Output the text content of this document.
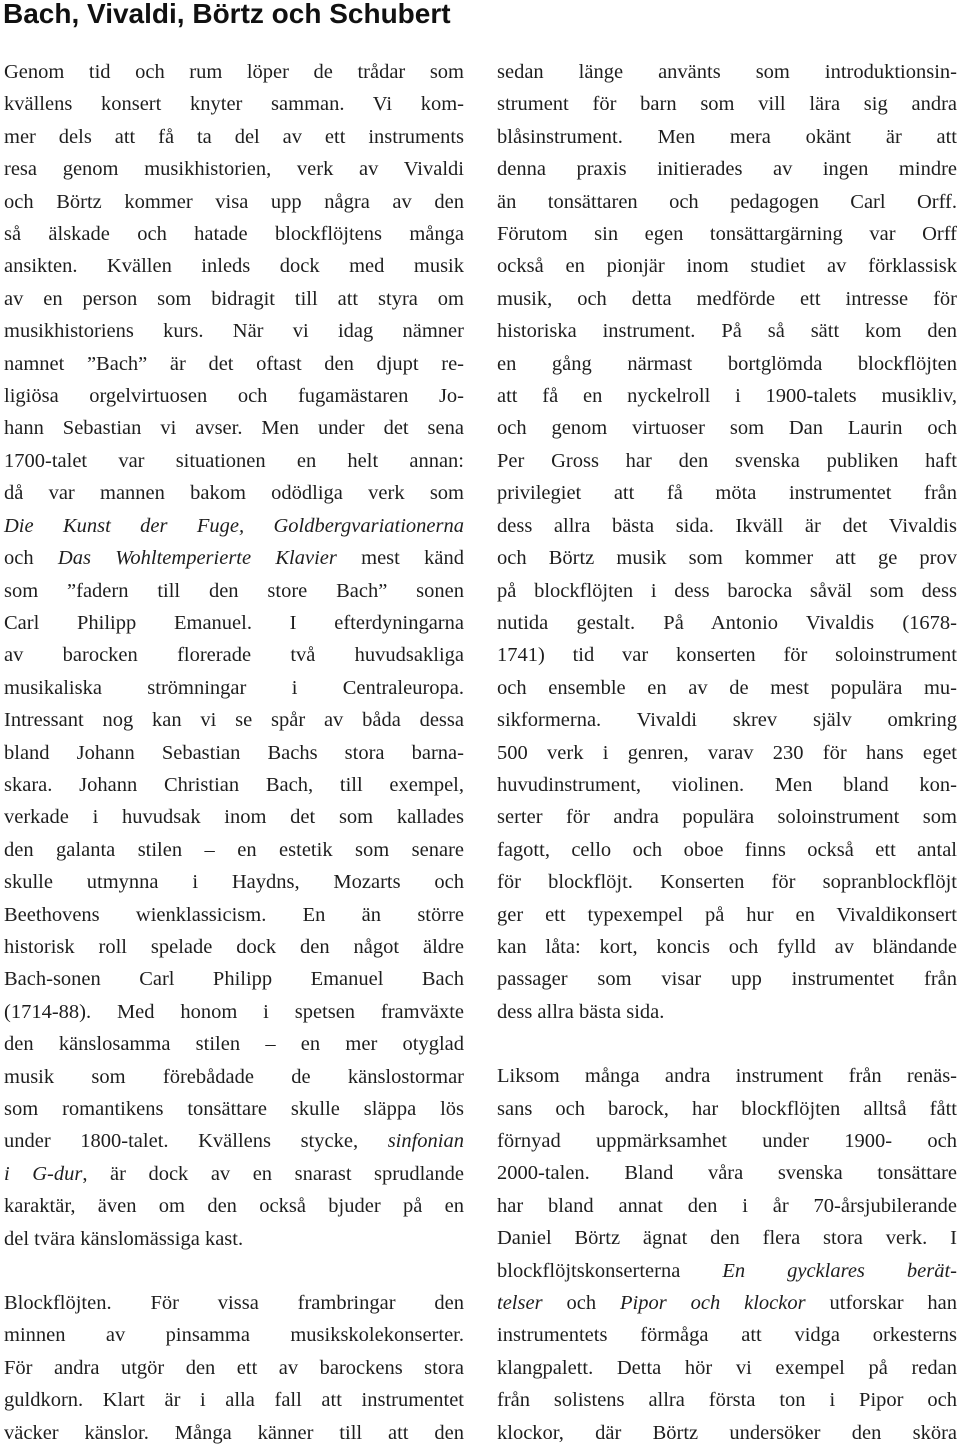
Bach, Vivaldi, Börtz och Schubert
Genom tid och rum löper de trådar som
kvällens konsert knyter samman. Vi kom-
mer dels att få ta del av ett instruments
resa genom musikhistorien, verk av Vivaldi
och Börtz kommer visa upp några av den
så älskade och hatade blockflöjtens många
ansikten. Kvällen inleds dock med musik
av en person som bidragit till att styra om
musikhistoriens kurs. När vi idag nämner
namnet ”Bach” är det oftast den djupt re-
ligiösa orgelvirtuosen och fugamästaren Jo-
hann Sebastian vi avser. Men under det sena
1700-talet var situationen en helt annan:
då var mannen bakom odödliga verk som
Die Kunst der Fuge, Goldbergvariationerna
och Das Wohltemperierte Klavier mest känd
som ”fadern till den store Bach” sonen
Carl Philipp Emanuel. I efterdyningarna
av barocken florerade två huvudsakliga
musikaliska strömningar i Centraleuropa.
Intressant nog kan vi se spår av båda dessa
bland Johann Sebastian Bachs stora barna-
skara. Johann Christian Bach, till exempel,
verkade i huvudsak inom det som kallades
den galanta stilen – en estetik som senare
skulle utmynna i Haydns, Mozarts och
Beethovens wienklassicism. En än större
historisk roll spelade dock den något äldre
Bach-sonen Carl Philipp Emanuel Bach
(1714-88). Med honom i spetsen framväxte
den känslosamma stilen – en mer otyglad
musik som förebådade de känslostormar
som romantikens tonsättare skulle släppa lös
under 1800-talet. Kvällens stycke, sinfonian
i G-dur, är dock av en snarast sprudlande
karaktär, även om den också bjuder på en
del tvära känslomässiga kast.
Blockflöjten. För vissa frambringar den
minnen av pinsamma musikskolekonserter.
För andra utgör den ett av barockens stora
guldkorn. Klart är i alla fall att instrumentet
väcker känslor. Många känner till att den
sedan länge använts som introduktionsin-
strument för barn som vill lära sig andra
blåsinstrument. Men mera okänt är att
denna praxis initierades av ingen mindre
än tonsättaren och pedagogen Carl Orff.
Förutom sin egen tonsättargärning var Orff
också en pionjär inom studiet av förklassisk
musik, och detta medförde ett intresse för
historiska instrument. På så sätt kom den
en gång närmast bortglömda blockflöjten
att få en nyckelroll i 1900-talets musikliv,
och genom virtuoser som Dan Laurin och
Per Gross har den svenska publiken haft
privilegiet att få möta instrumentet från
dess allra bästa sida. Ikväll är det Vivaldis
och Börtz musik som kommer att ge prov
på blockflöjten i dess barocka såväl som dess
nutida gestalt. På Antonio Vivaldis (1678-
1741) tid var konserten för soloinstrument
och ensemble en av de mest populära mu-
sikformerna. Vivaldi skrev själv omkring
500 verk i genren, varav 230 för hans eget
huvudinstrument, violinen. Men bland kon-
serter för andra populära soloinstrument som
fagott, cello och oboe finns också ett antal
för blockflöjt. Konserten för sopranblockflöjt
ger ett typexempel på hur en Vivaldikonsert
kan låta: kort, koncis och fylld av bländande
passager som visar upp instrumentet från
dess allra bästa sida.
Liksom många andra instrument från renäs-
sans och barock, har blockflöjten alltså fått
förnyad uppmärksamhet under 1900- och
2000-talen. Bland våra svenska tonsättare
har bland annat den i år 70-årsjubilerande
Daniel Börtz ägnat den flera stora verk. I
blockflöjtskonserterna En gycklares berät-
telser och Pipor och klockor utforskar han
instrumentets förmåga att vidga orkesterns
klangpalett. Detta hör vi exempel på redan
från solistens allra första ton i Pipor och
klockor, där Börtz undersöker den sköra
